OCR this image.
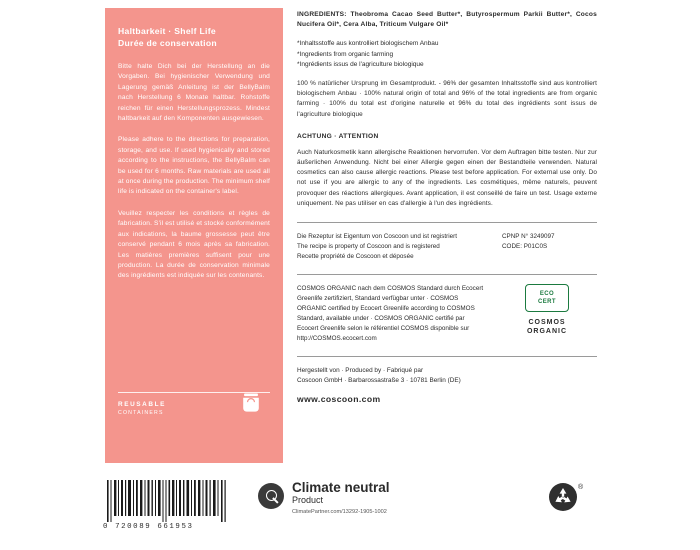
Haltbarkeit · Shelf Life
Durée de conservation

Bitte halte Dich bei der Herstellung an die Vorgaben. Bei hygienischer Verwendung und Lagerung gemäß Anleitung ist der BellyBalm nach Herstellung 6 Monate haltbar. Rohstoffe reichen für einen Herstellungsprozess. Mindest haltbarkeit auf den Komponenten ausgewiesen.

Please adhere to the directions for preparation, storage, and use. If used hygienically and stored according to the instructions, the BellyBalm can be used for 6 months. Raw materials are used all at once during the production. The minimum shelf life is indicated on the container's label.

Veuillez respecter les conditions et règles de fabrication. S'il est utilisé et stocké conformément aux indications, la baume grossesse peut être conservé pendant 6 mois après sa fabrication. Les matières premières suffisent pour une production. La durée de conservation minimale des ingrédients est indiquée sur les contenants.

REUSABLE
CONTAINERS

INGREDIENTS: Theobroma Cacao Seed Butter*, Butyrospermum Parkii Butter*, Cocos Nucifera Oil*, Cera Alba, Triticum Vulgare Oil*

*Inhaltsstoffe aus kontrolliert biologischem Anbau
*Ingredients from organic farming
*Ingrédients issus de l'agriculture biologique

100 % natürlicher Ursprung im Gesamtprodukt. - 96% der gesamten Inhaltsstoffe sind aus kontrolliert biologischem Anbau · 100% natural origin of total and 96% of the total ingredients are from organic farming · 100% du total est d'origine naturelle et 96% du total des ingrédients sont issus de l'agriculture biologique

ACHTUNG · ATTENTION

Auch Naturkosmetik kann allergische Reaktionen hervorrufen. Vor dem Auftragen bitte testen. Nur zur äußerlichen Anwendung. Nicht bei einer Allergie gegen einen der Bestandteile verwenden. Natural cosmetics can also cause allergic reactions. Please test before application. For external use only. Do not use if you are allergic to any of the ingredients. Les cosmétiques, même naturels, peuvent provoquer des réactions allergiques. Avant application, il est conseillé de faire un test. Usage externe uniquement. Ne pas utiliser en cas d'allergie à l'un des ingrédients.

Die Rezeptur ist Eigentum von Coscoon und ist registriert
The recipe is property of Coscoon and is registered
Recette propriété de Coscoon et déposée
CPNP N° 3249097
CODE: P01C0S
COSMOS ORGANIC nach dem COSMOS Standard durch Ecocert Greenlife zertifiziert, Standard verfügbar unter · COSMOS ORGANIC certified by Ecocert Greenlife according to COSMOS Standard, available under · COSMOS ORGANIC certifié par Ecocert Greenlife selon le référentiel COSMOS disponible sur http://COSMOS.ecocert.com
ECO
CERT
COSMOS
ORGANIC
Hergestellt von · Produced by · Fabriqué par
Coscoon GmbH · Barbarossastraße 3 · 10781 Berlin (DE)
www.coscoon.com
0 720089 661953
Climate neutral
Product
ClimatePartner.com/13292-1905-1002
®
